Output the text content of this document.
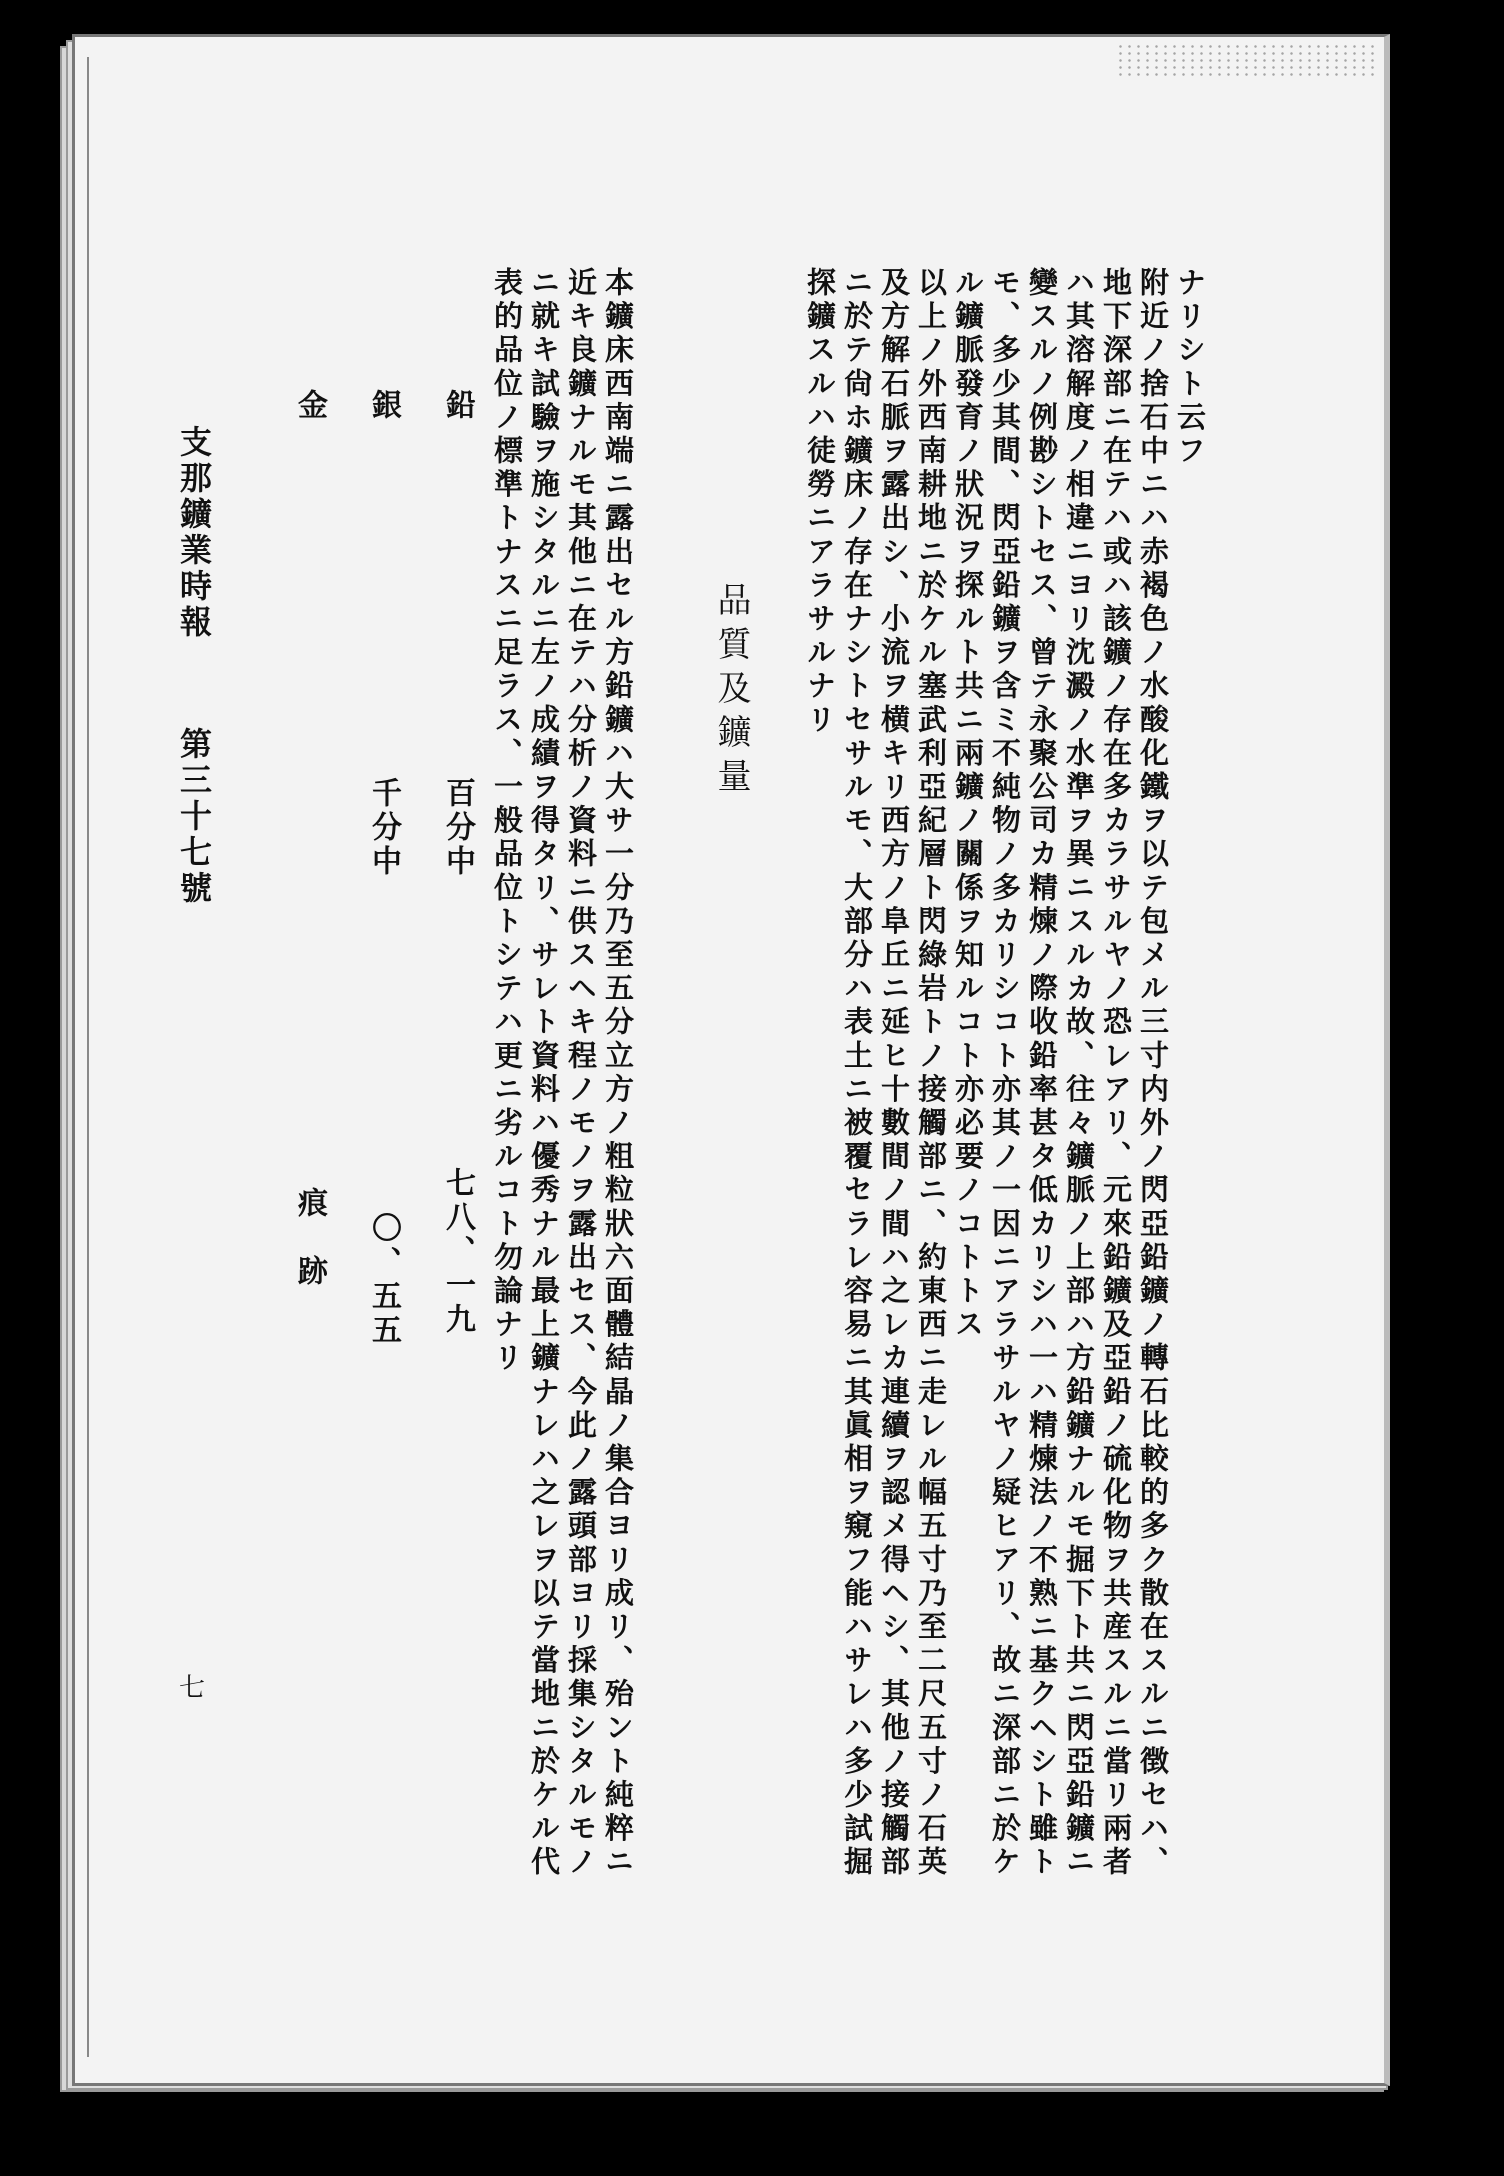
ナリシト云フ
附近ノ捨石中ニハ赤褐色ノ水酸化鐵ヲ以テ包メル三寸内外ノ閃亞鉛鑛ノ轉石比較的多ク散在スルニ徴セハ、
地下深部ニ在テハ或ハ該鑛ノ存在多カラサルヤノ恐レアリ、元來鉛鑛及亞鉛ノ硫化物ヲ共産スルニ當リ兩者
ハ其溶解度ノ相違ニヨリ沈澱ノ水準ヲ異ニスルカ故、往々鑛脈ノ上部ハ方鉛鑛ナルモ掘下ト共ニ閃亞鉛鑛ニ
變スルノ例尠シトセス、曾テ永聚公司カ精煉ノ際收鉛率甚タ低カリシハ一ハ精煉法ノ不熟ニ基クヘシト雖ト
モ、多少其間、閃亞鉛鑛ヲ含ミ不純物ノ多カリシコト亦其ノ一因ニアラサルヤノ疑ヒアリ、故ニ深部ニ於ケ
ル鑛脈發育ノ狀況ヲ探ルト共ニ兩鑛ノ關係ヲ知ルコト亦必要ノコトトス
以上ノ外西南耕地ニ於ケル塞武利亞紀層ト閃綠岩トノ接觸部ニ、約東西ニ走レル幅五寸乃至二尺五寸ノ石英
及方解石脈ヲ露出シ、小流ヲ横キリ西方ノ阜丘ニ延ヒ十數間ノ間ハ之レカ連續ヲ認メ得ヘシ、其他ノ接觸部
ニ於テ尙ホ鑛床ノ存在ナシトセサルモ、大部分ハ表土ニ被覆セラレ容易ニ其眞相ヲ窺フ能ハサレハ多少試掘
探鑛スルハ徒勞ニアラサルナリ
品質及鑛量
本鑛床西南端ニ露出セル方鉛鑛ハ大サ一分乃至五分立方ノ粗粒狀六面體結晶ノ集合ヨリ成リ、殆ント純粹ニ
近キ良鑛ナルモ其他ニ在テハ分析ノ資料ニ供スヘキ程ノモノヲ露出セス、今此ノ露頭部ヨリ採集シタルモノ
ニ就キ試驗ヲ施シタルニ左ノ成績ヲ得タリ、サレト資料ハ優秀ナル最上鑛ナレハ之レヲ以テ當地ニ於ケル代
表的品位ノ標準トナスニ足ラス、一般品位トシテハ更ニ劣ルコト勿論ナリ
鉛
百分中
七八、一九
銀
千分中
〇、五五
金
痕　跡
支那鑛業時報
第三十七號
七
